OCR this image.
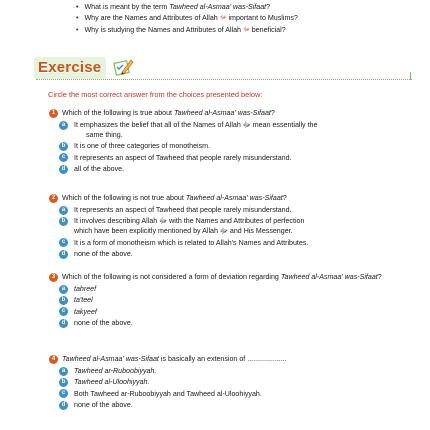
• What is meant by the term Tawheed al-Asmaa' was-Sifaat?
• Why are the Names and Attributes of Allah ﷻ important to Muslims?
• Why is studying the Names and Attributes of Allah ﷻ beneficial?
Exercise
Circle the most correct answer from the choices presented below:
1 Which of the following is true about Tawheed al-Asmaa' was-Sifaat?
a	It emphasizes the belief that all of the Names of Allah ﷻ mean essentially the
same thing.
b	It is one of three categories of monotheism.
c	It represents an aspect of Tawheed that people rarely misunderstand.
d	all of the above.
2 Which of the following is not true about Tawheed al-Asmaa' was-Sifaat?
a	It represents an aspect of Tawheed that people rarely misunderstand.
b	It involves describing Allah ﷻ with the Names and Attributes of perfection
which have been explicitly mentioned by Allah ﷻ and His Messenger.
c	It is a form of monotheism which is related to Allah's Names and Attributes.
d	none of the above.
3 Which of the following is not considered a form of deviation regarding Tawheed al-Asmaa' was-Sifaat?
a	tahreef
b	ta'teel
c	takyeef
d	none of the above.
4 Tawheed al-Asmaa' was-Sifaat is basically an extension of ....................
a	Tawheed ar-Ruboobiyyah.
b	Tawheed al-Uloohiyyah.
c	Both Tawheed ar-Ruboobiyyah and Tawheed al-Uloohiyyah.
d	none of the above.
